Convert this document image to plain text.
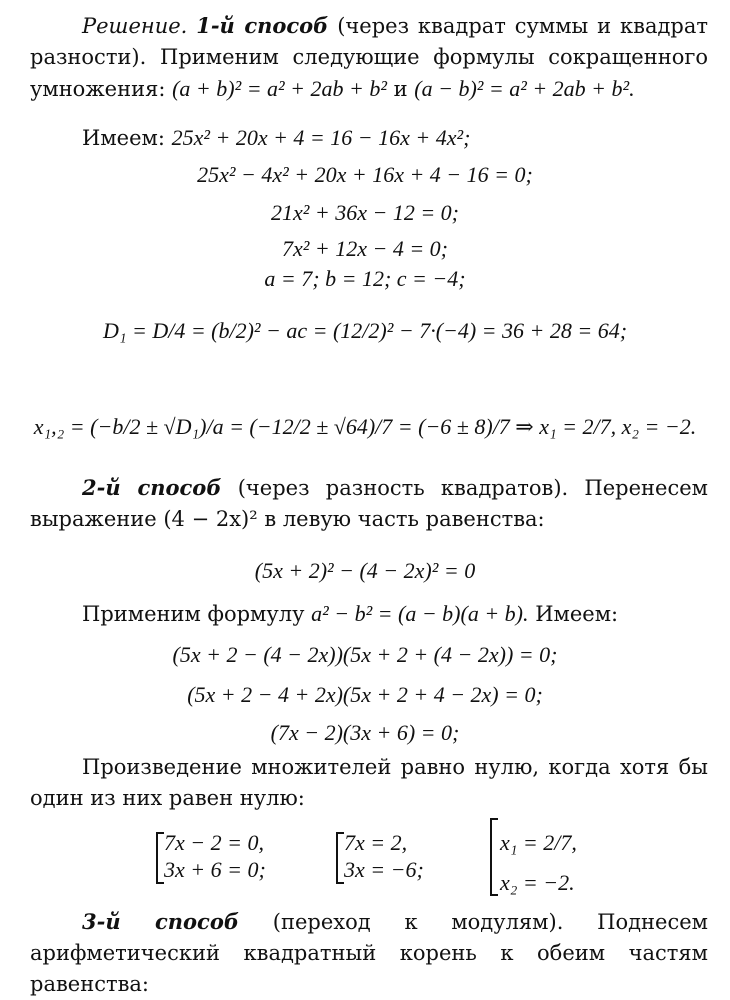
Решение. 1-й способ (через квадрат суммы и квадрат разности). Применим следующие формулы сокращенного умножения: (a + b)² = a² + 2ab + b² и (a − b)² = a² + 2ab + b².
Имеем: 25x² + 20x + 4 = 16 − 16x + 4x²;
25x² − 4x² + 20x + 16x + 4 − 16 = 0;
21x² + 36x − 12 = 0;
7x² + 12x − 4 = 0;
a = 7; b = 12; c = −4;
D₁ = D/4 = (b/2)² − ac = (12/2)² − 7·(−4) = 36 + 28 = 64;
x₁,₂ = (−b/2 ± √D₁)/a = (−12/2 ± √64)/7 = (−6 ± 8)/7 ⇒ x₁ = 2/7, x₂ = −2.
2-й способ (через разность квадратов). Перенесем выражение (4 − 2x)² в левую часть равенства:
(5x + 2)² − (4 − 2x)² = 0
Применим формулу a² − b² = (a − b)(a + b). Имеем:
(5x + 2 − (4 − 2x))(5x + 2 + (4 − 2x)) = 0;
(5x + 2 − 4 + 2x)(5x + 2 + 4 − 2x) = 0;
(7x − 2)(3x + 6) = 0;
Произведение множителей равно нулю, когда хотя бы один из них равен нулю:
7x − 2 = 0,
3x + 6 = 0;
7x = 2,
3x = −6;
x₁ = 2/7,
x₂ = −2.
3-й способ (переход к модулям). Поднесем арифметический квадратный корень к обеим частям равенства:
